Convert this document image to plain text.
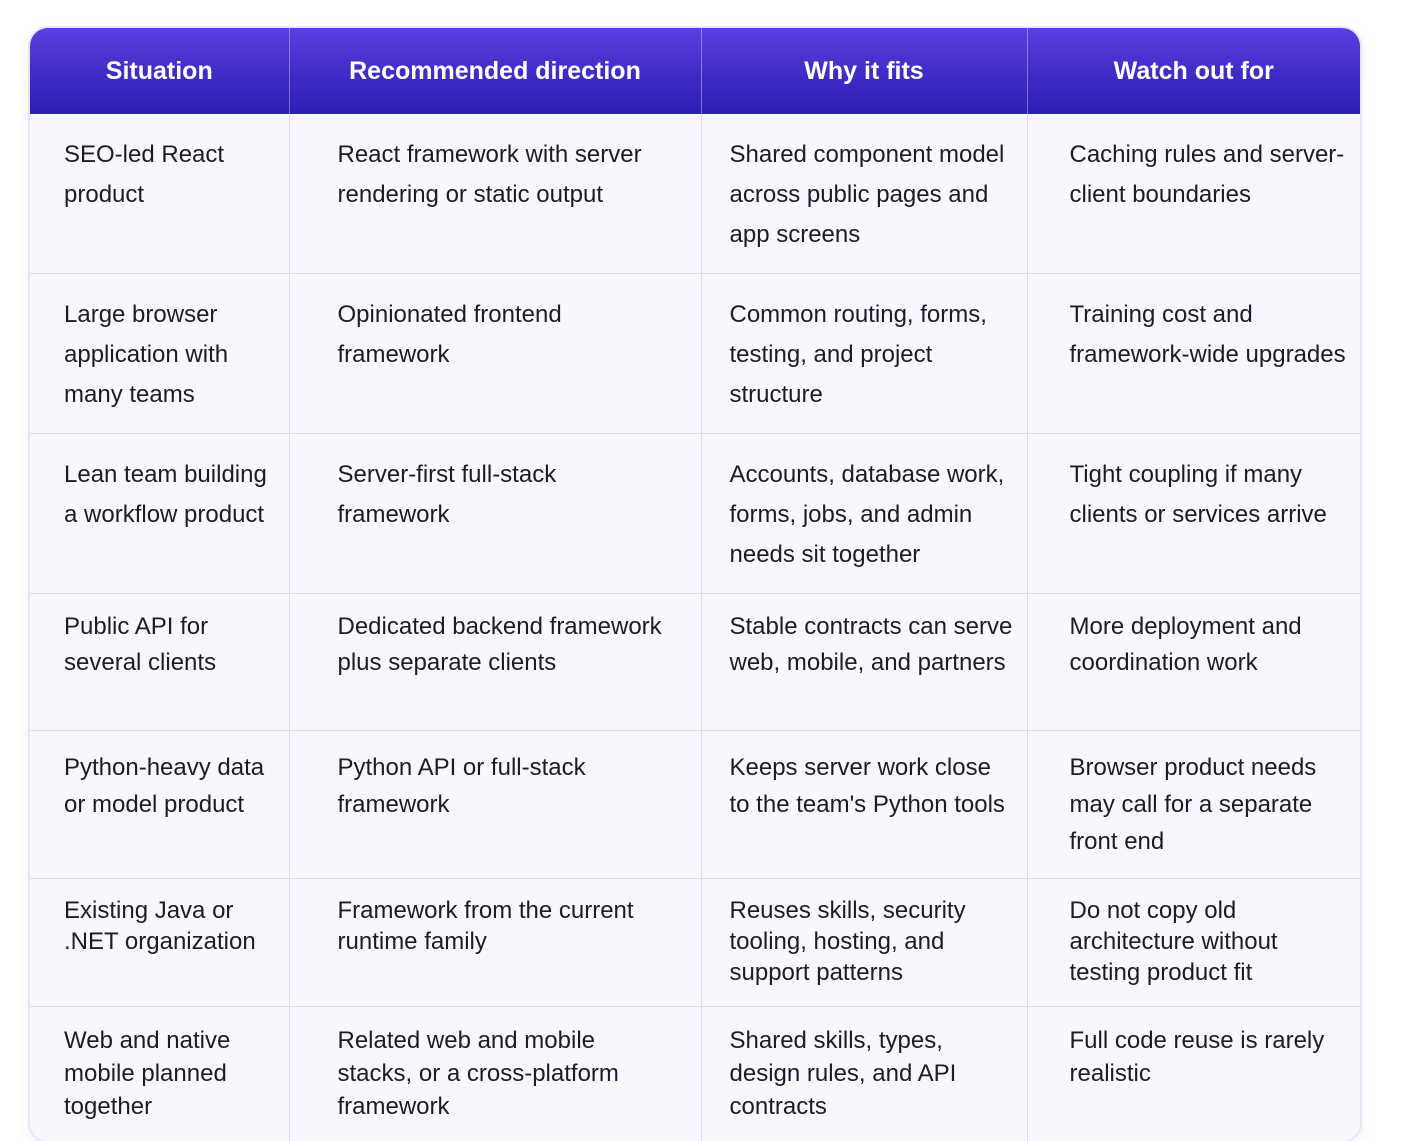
Situation	Recommended direction	Why it fits	Watch out for
SEO-led React product	React framework with server rendering or static output	Shared component model across public pages and app screens	Caching rules and server-client boundaries
Large browser application with many teams	Opinionated frontend framework	Common routing, forms, testing, and project structure	Training cost and framework-wide upgrades
Lean team building a workflow product	Server-first full-stack framework	Accounts, database work, forms, jobs, and admin needs sit together	Tight coupling if many clients or services arrive
Public API for several clients	Dedicated backend framework plus separate clients	Stable contracts can serve web, mobile, and partners	More deployment and coordination work
Python-heavy data or model product	Python API or full-stack framework	Keeps server work close to the team's Python tools	Browser product needs may call for a separate front end
Existing Java or .NET organization	Framework from the current runtime family	Reuses skills, security tooling, hosting, and support patterns	Do not copy old architecture without testing product fit
Web and native mobile planned together	Related web and mobile stacks, or a cross-platform framework	Shared skills, types, design rules, and API contracts	Full code reuse is rarely realistic
